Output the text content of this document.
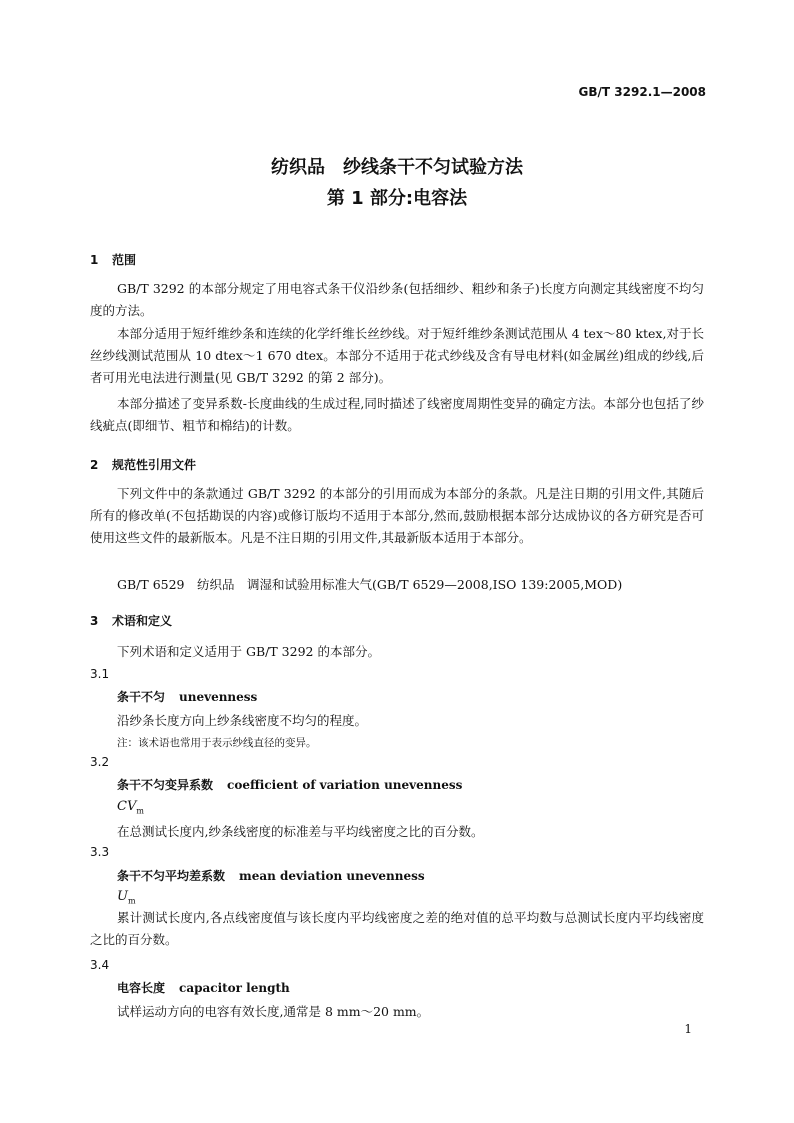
GB/T 3292.1—2008
纺织品　纱线条干不匀试验方法
第 1 部分:电容法
1 范围
GB/T 3292 的本部分规定了用电容式条干仪沿纱条(包括细纱、粗纱和条子)长度方向测定其线密度不均匀度的方法。
本部分适用于短纤维纱条和连续的化学纤维长丝纱线。对于短纤维纱条测试范围从 4 tex～80 ktex,对于长丝纱线测试范围从 10 dtex～1 670 dtex。本部分不适用于花式纱线及含有导电材料(如金属丝)组成的纱线,后者可用光电法进行测量(见 GB/T 3292 的第 2 部分)。
本部分描述了变异系数-长度曲线的生成过程,同时描述了线密度周期性变异的确定方法。本部分也包括了纱线疵点(即细节、粗节和棉结)的计数。
2 规范性引用文件
下列文件中的条款通过 GB/T 3292 的本部分的引用而成为本部分的条款。凡是注日期的引用文件,其随后所有的修改单(不包括勘误的内容)或修订版均不适用于本部分,然而,鼓励根据本部分达成协议的各方研究是否可使用这些文件的最新版本。凡是不注日期的引用文件,其最新版本适用于本部分。
GB/T 6529　纺织品　调湿和试验用标准大气(GB/T 6529—2008,ISO 139:2005,MOD)
3 术语和定义
下列术语和定义适用于 GB/T 3292 的本部分。
3.1
条干不匀 unevenness
沿纱条长度方向上纱条线密度不均匀的程度。
注：该术语也常用于表示纱线直径的变异。
3.2
条干不匀变异系数 coefficient of variation unevenness
$CV_m$
在总测试长度内,纱条线密度的标准差与平均线密度之比的百分数。
3.3
条干不匀平均差系数 mean deviation unevenness
$U_m$
累计测试长度内,各点线密度值与该长度内平均线密度之差的绝对值的总平均数与总测试长度内平均线密度之比的百分数。
3.4
电容长度 capacitor length
试样运动方向的电容有效长度,通常是 8 mm～20 mm。
1
